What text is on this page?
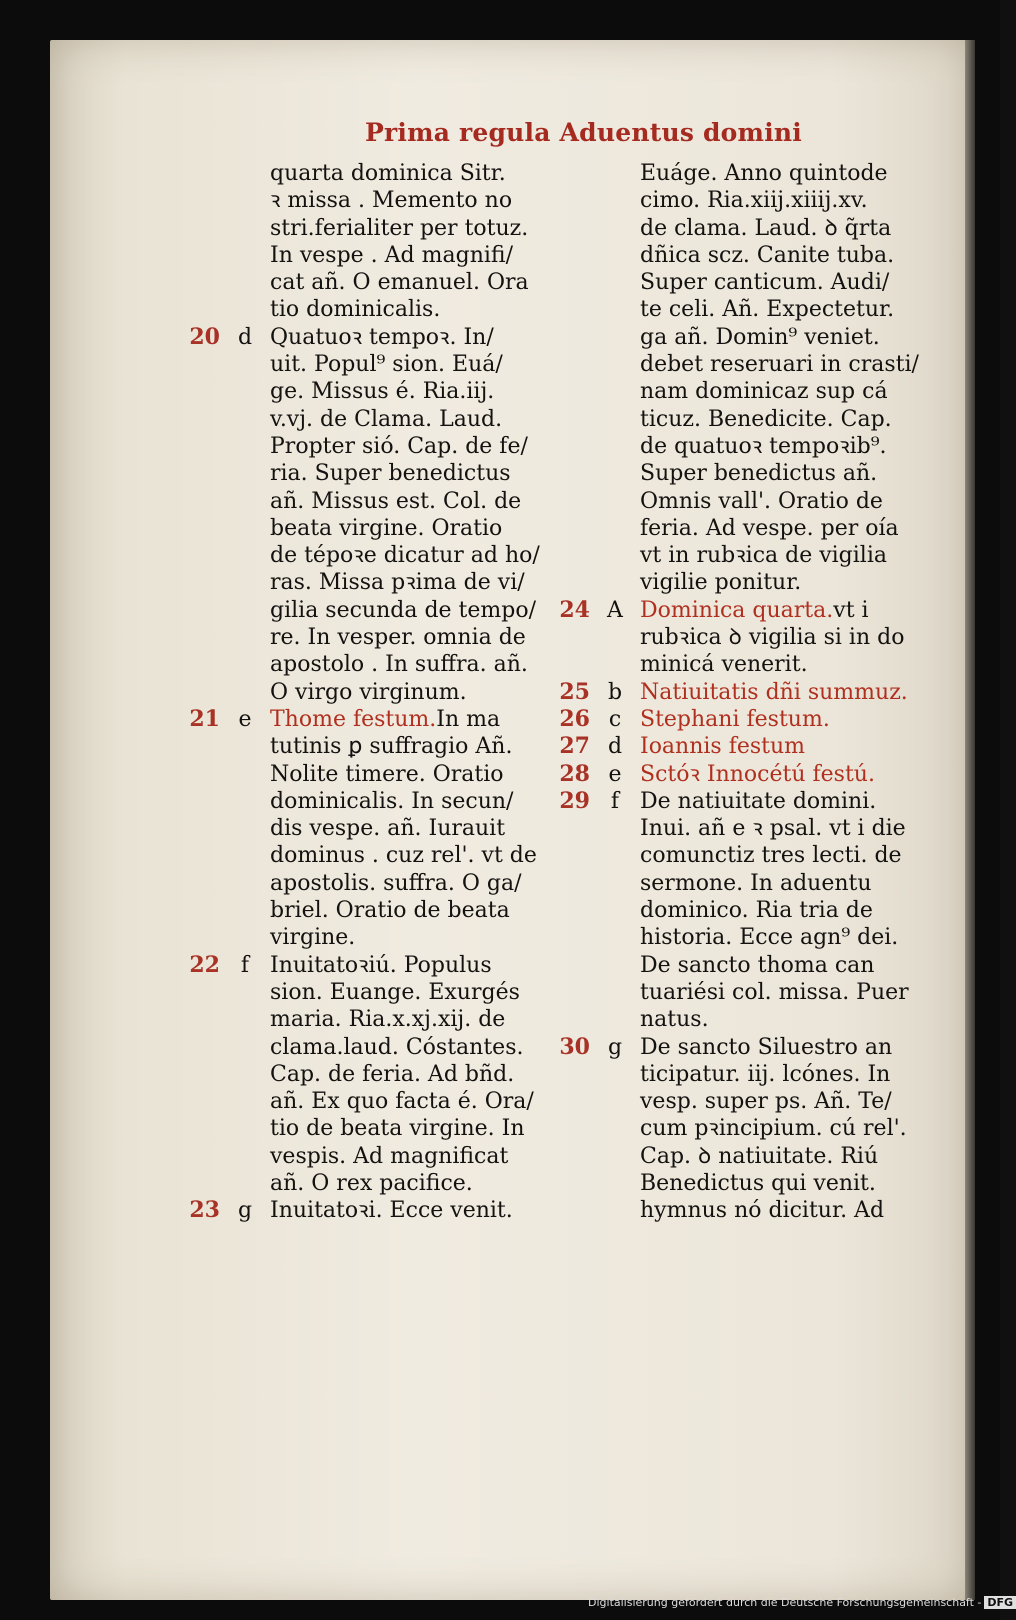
Prima regula Aduentus domini
quarta dominica Sitr.
ꝛ missa . Memento no
stri.ferialiter per totuz.
In vespe . Ad magnifi/
cat añ. O emanuel. Ora
tio dominicalis.
20 d Quatuoꝛ tempoꝛ. In/
uit. Popul⁹ sion. Euá/
ge. Missus é. Ria.iij.
v.vj. de Clama. Laud.
Propter sió. Cap. de fe/
ria. Super benedictus
añ. Missus est. Col. de
beata virgine. Oratio
de tépoꝛe dicatur ad ho/
ras. Missa pꝛima de vi/
gilia secunda de tempo/
re. In vesper. omnia de
apostolo . In suffra. añ.
O virgo virginum.
21 e Thome festum.In ma
tutinis ꝑ suffragio Añ.
Nolite timere. Oratio
dominicalis. In secun/
dis vespe. añ. Iurauit
dominus . cuz rel'. vt de
apostolis. suffra. O ga/
briel. Oratio de beata
virgine.
22 f Inuitatoꝛiú. Populus
sion. Euange. Exurgés
maria. Ria.x.xj.xij. de
clama.laud. Cóstantes.
Cap. de feria. Ad bñd.
añ. Ex quo facta é. Ora/
tio de beata virgine. In
vespis. Ad magnificat
añ. O rex pacifice.
23 g Inuitatoꝛi. Ecce venit.
Euáge. Anno quintode
cimo. Ria.xiij.xiiij.xv.
de clama. Laud. ꝺ q̃rta
dñica scz. Canite tuba.
Super canticum. Audi/
te celi. Añ. Expectetur.
ga añ. Domin⁹ veniet.
debet reseruari in crasti/
nam dominicaz sup cá
ticuz. Benedicite. Cap.
de quatuoꝛ tempoꝛib⁹.
Super benedictus añ.
Omnis vall'. Oratio de
feria. Ad vespe. per oía
vt in rubꝛica de vigilia
vigilie ponitur.
24 A Dominica quarta.vt i
rubꝛica ꝺ vigilia si in do
minicá venerit.
25 b Natiuitatis dñi summuz.
26 c Stephani festum.
27 d Ioannis festum
28 e Sctóꝛ Innocétú festú.
29 f De natiuitate domini.
Inui. añ e ꝛ psal. vt i die
comunctiz tres lecti. de
sermone. In aduentu
dominico. Ria tria de
historia. Ecce agn⁹ dei.
De sancto thoma can
tuariési col. missa. Puer
natus.
30 g De sancto Siluestro an
ticipatur. iij. lcónes. In
vesp. super ps. Añ. Te/
cum pꝛincipium. cú rel'.
Cap. ꝺ natiuitate. Riú
Benedictus qui venit.
hymnus nó dicitur. Ad
Digitalisierung gefördert durch die Deutsche Forschungsgemeinschaft - DFG
